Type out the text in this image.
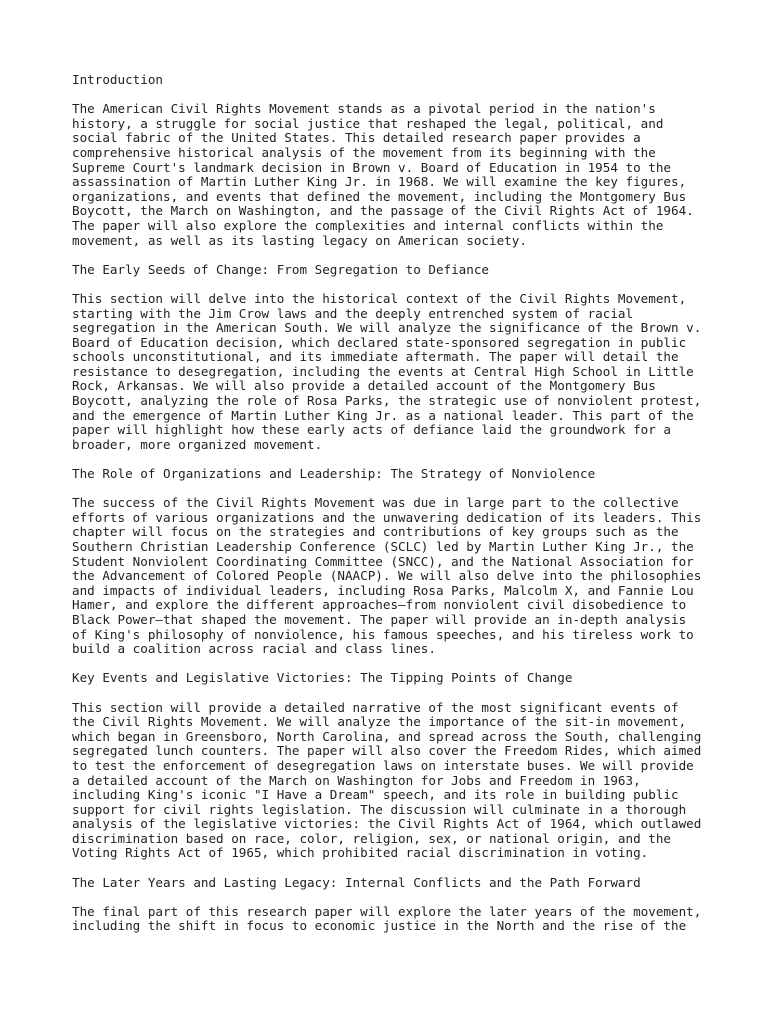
Introduction
The American Civil Rights Movement stands as a pivotal period in the nation's
history, a struggle for social justice that reshaped the legal, political, and
social fabric of the United States. This detailed research paper provides a
comprehensive historical analysis of the movement from its beginning with the
Supreme Court's landmark decision in Brown v. Board of Education in 1954 to the
assassination of Martin Luther King Jr. in 1968. We will examine the key figures,
organizations, and events that defined the movement, including the Montgomery Bus
Boycott, the March on Washington, and the passage of the Civil Rights Act of 1964.
The paper will also explore the complexities and internal conflicts within the
movement, as well as its lasting legacy on American society.
The Early Seeds of Change: From Segregation to Defiance
This section will delve into the historical context of the Civil Rights Movement,
starting with the Jim Crow laws and the deeply entrenched system of racial
segregation in the American South. We will analyze the significance of the Brown v.
Board of Education decision, which declared state-sponsored segregation in public
schools unconstitutional, and its immediate aftermath. The paper will detail the
resistance to desegregation, including the events at Central High School in Little
Rock, Arkansas. We will also provide a detailed account of the Montgomery Bus
Boycott, analyzing the role of Rosa Parks, the strategic use of nonviolent protest,
and the emergence of Martin Luther King Jr. as a national leader. This part of the
paper will highlight how these early acts of defiance laid the groundwork for a
broader, more organized movement.
The Role of Organizations and Leadership: The Strategy of Nonviolence
The success of the Civil Rights Movement was due in large part to the collective
efforts of various organizations and the unwavering dedication of its leaders. This
chapter will focus on the strategies and contributions of key groups such as the
Southern Christian Leadership Conference (SCLC) led by Martin Luther King Jr., the
Student Nonviolent Coordinating Committee (SNCC), and the National Association for
the Advancement of Colored People (NAACP). We will also delve into the philosophies
and impacts of individual leaders, including Rosa Parks, Malcolm X, and Fannie Lou
Hamer, and explore the different approaches—from nonviolent civil disobedience to
Black Power—that shaped the movement. The paper will provide an in-depth analysis
of King's philosophy of nonviolence, his famous speeches, and his tireless work to
build a coalition across racial and class lines.
Key Events and Legislative Victories: The Tipping Points of Change
This section will provide a detailed narrative of the most significant events of
the Civil Rights Movement. We will analyze the importance of the sit-in movement,
which began in Greensboro, North Carolina, and spread across the South, challenging
segregated lunch counters. The paper will also cover the Freedom Rides, which aimed
to test the enforcement of desegregation laws on interstate buses. We will provide
a detailed account of the March on Washington for Jobs and Freedom in 1963,
including King's iconic "I Have a Dream" speech, and its role in building public
support for civil rights legislation. The discussion will culminate in a thorough
analysis of the legislative victories: the Civil Rights Act of 1964, which outlawed
discrimination based on race, color, religion, sex, or national origin, and the
Voting Rights Act of 1965, which prohibited racial discrimination in voting.
The Later Years and Lasting Legacy: Internal Conflicts and the Path Forward
The final part of this research paper will explore the later years of the movement,
including the shift in focus to economic justice in the North and the rise of the
